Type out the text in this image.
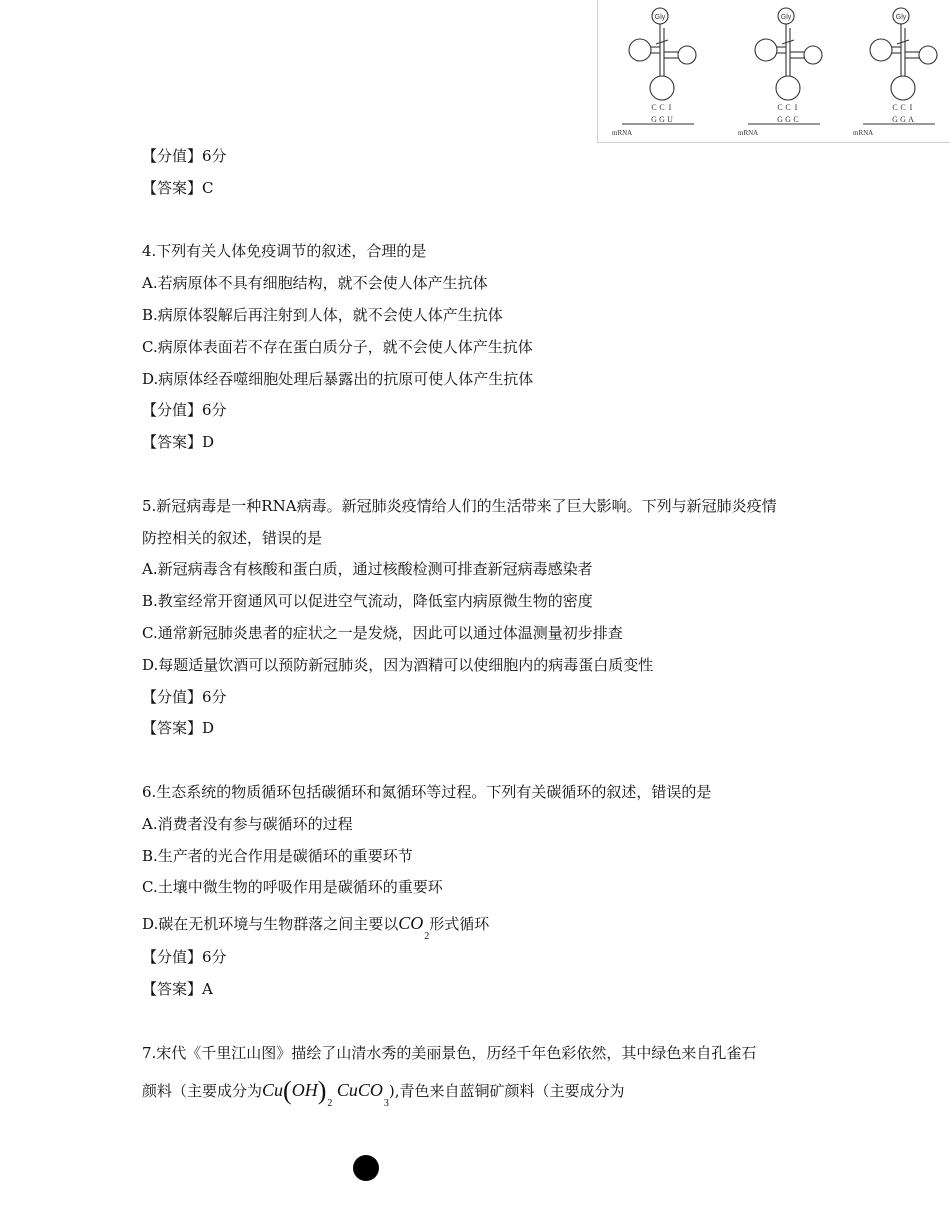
Gly
C C I
G G U
mRNA
Gly
C C I
G G C
mRNA
Gly
C C I
G G A
mRNA
【分值】6分
【答案】C
4.下列有关人体免疫调节的叙述，合理的是
A.若病原体不具有细胞结构，就不会使人体产生抗体
B.病原体裂解后再注射到人体，就不会使人体产生抗体
C.病原体表面若不存在蛋白质分子，就不会使人体产生抗体
D.病原体经吞噬细胞处理后暴露出的抗原可使人体产生抗体
【分值】6分
【答案】D
5.新冠病毒是一种RNA病毒。新冠肺炎疫情给人们的生活带来了巨大影响。下列与新冠肺炎疫情
防控相关的叙述，错误的是
A.新冠病毒含有核酸和蛋白质，通过核酸检测可排查新冠病毒感染者
B.教室经常开窗通风可以促进空气流动，降低室内病原微生物的密度
C.通常新冠肺炎患者的症状之一是发烧，因此可以通过体温测量初步排查
D.每题适量饮酒可以预防新冠肺炎，因为酒精可以使细胞内的病毒蛋白质变性
【分值】6分
【答案】D
6.生态系统的物质循环包括碳循环和氮循环等过程。下列有关碳循环的叙述，错误的是
A.消费者没有参与碳循环的过程
B.生产者的光合作用是碳循环的重要环节
C.土壤中微生物的呼吸作用是碳循环的重要环
D.碳在无机环境与生物群落之间主要以$CO_2$形式循环
【分值】6分
【答案】A
7.宋代《千里江山图》描绘了山清水秀的美丽景色，历经千年色彩依然，其中绿色来自孔雀石
颜料（主要成分为$Cu(OH)_2$ CuCO$_3$),青色来自蓝铜矿颜料（主要成分为
